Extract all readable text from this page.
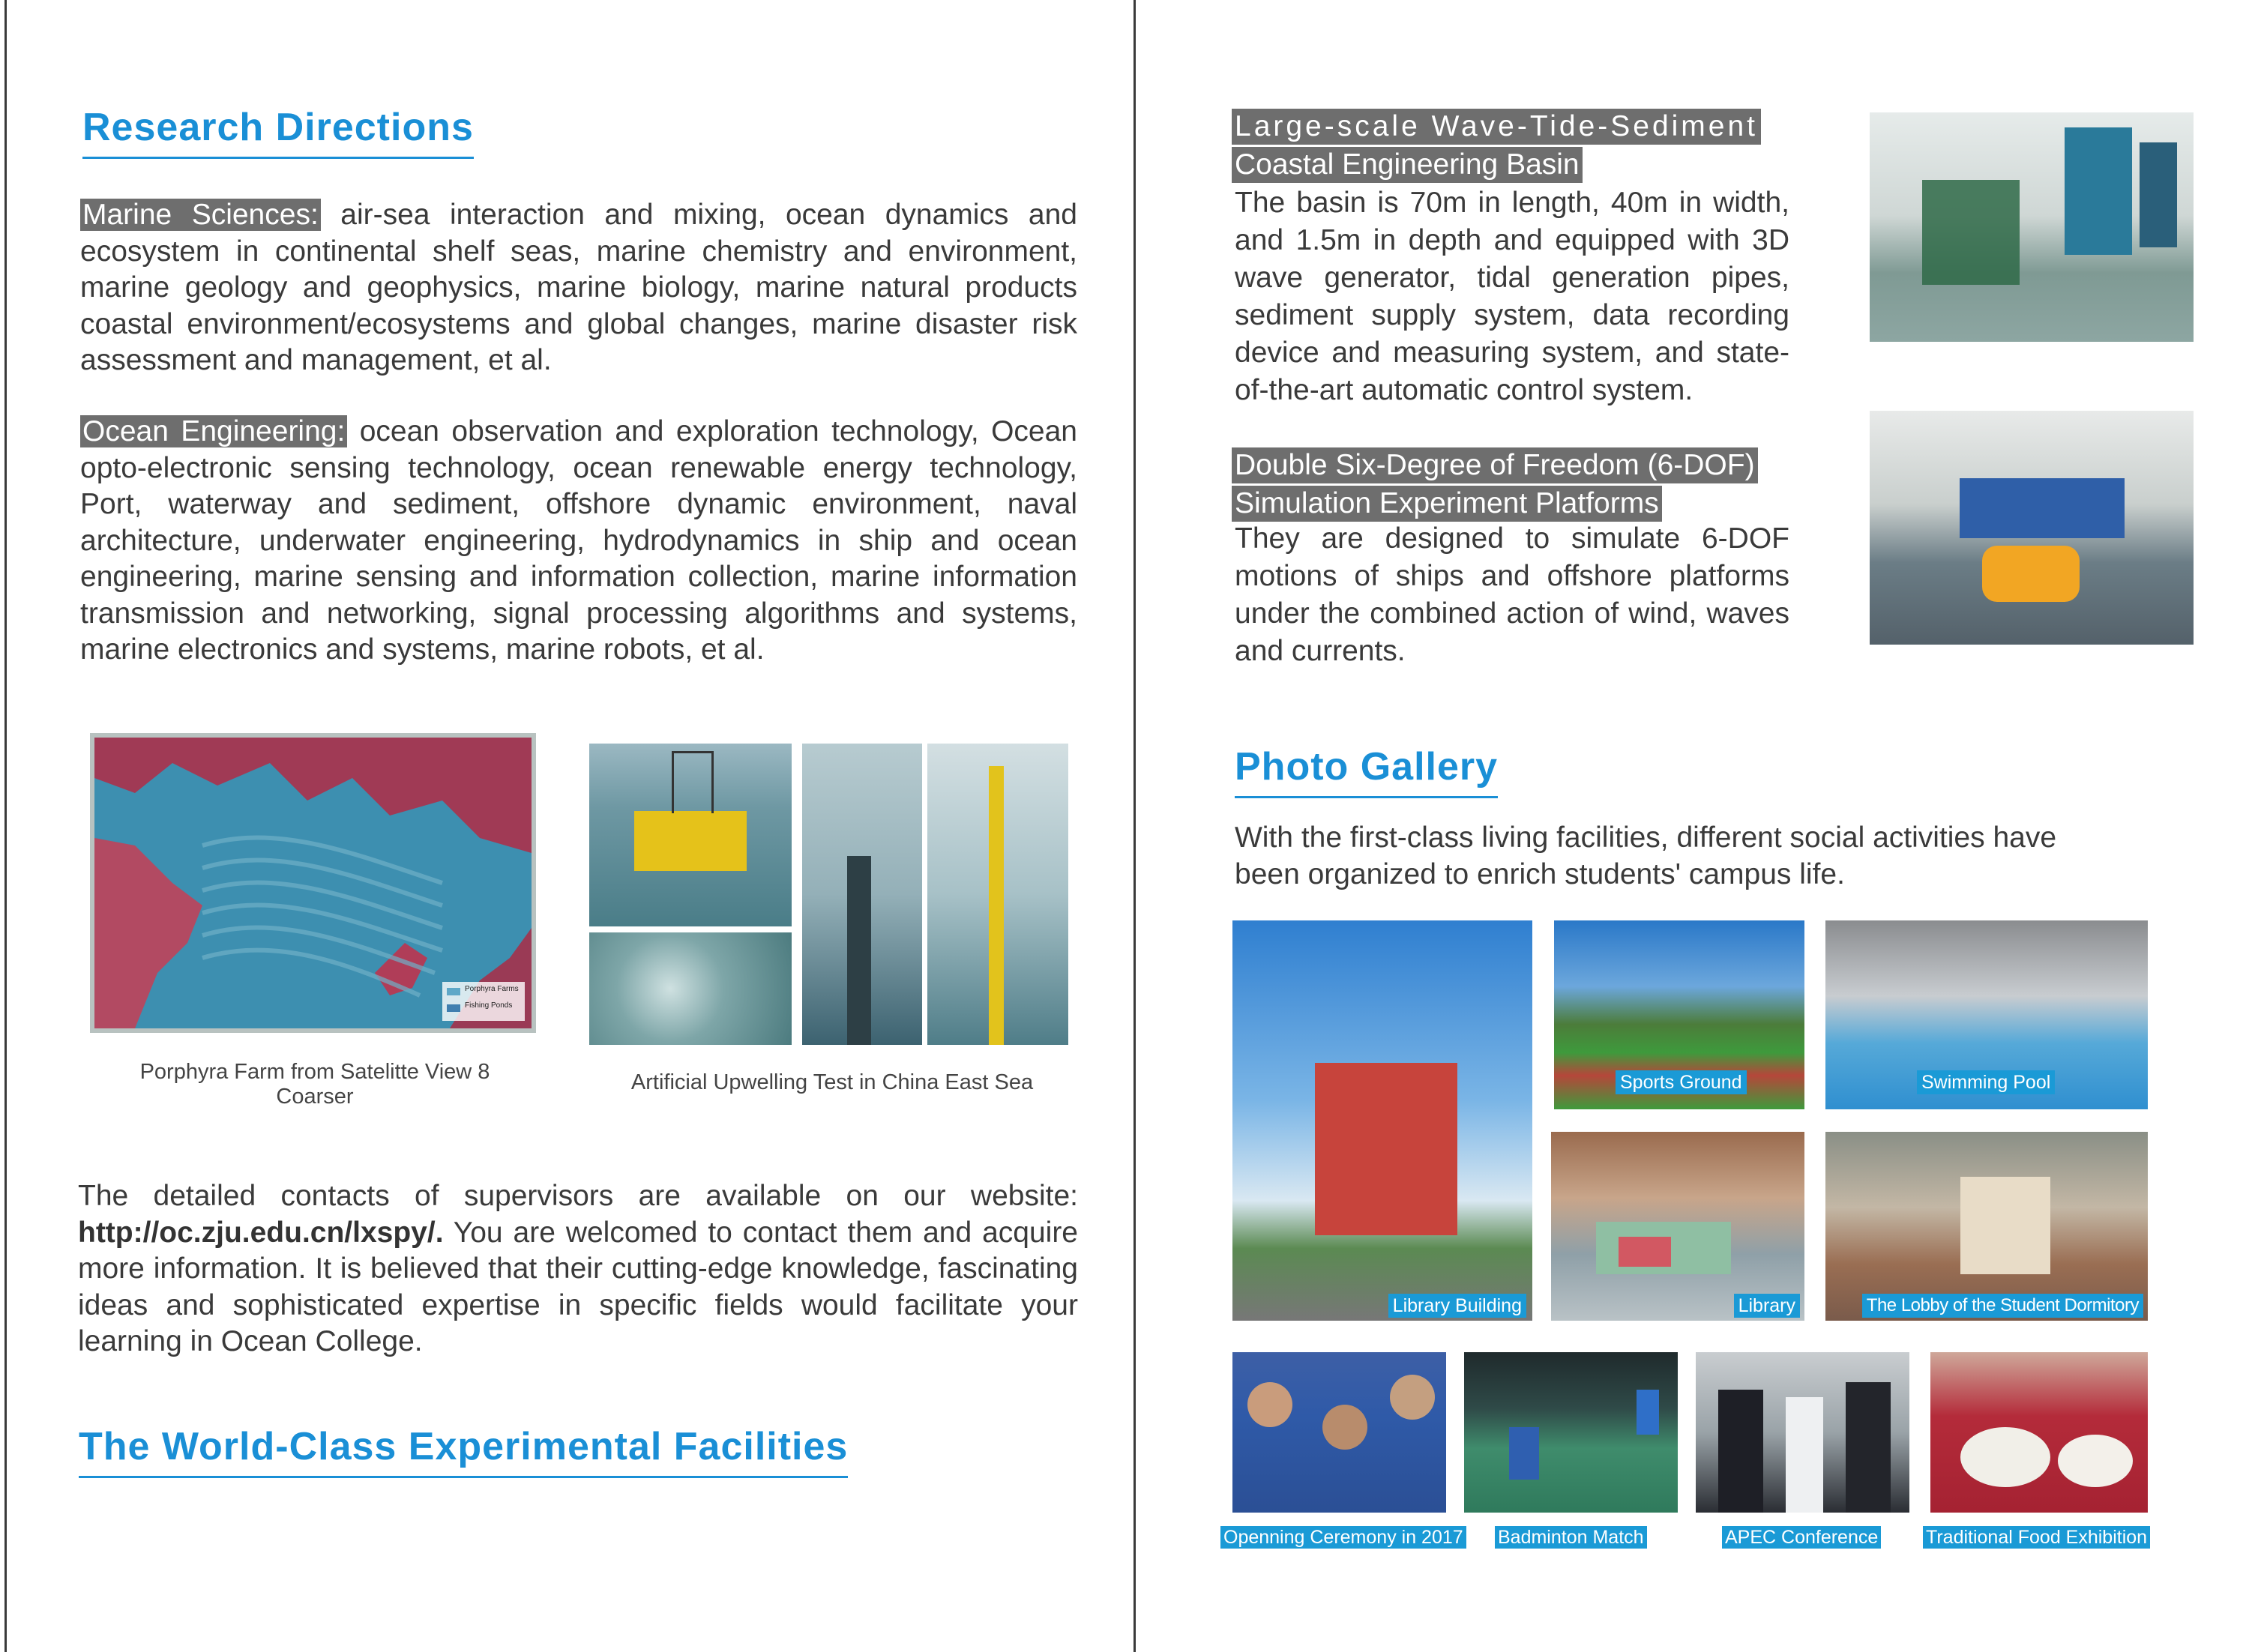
Research Directions
Marine Sciences: air-sea interaction and mixing, ocean dynamics and ecosystem in continental shelf seas, marine chemistry and environment, marine geology and geophysics, marine biology, marine natural products coastal environment/ecosystems and global changes, marine disaster risk assessment and management, et al.
Ocean Engineering: ocean observation and exploration technology, Ocean opto-electronic sensing technology, ocean renewable energy technology, Port, waterway and sediment, offshore dynamic environment, naval architecture, underwater engineering, hydrodynamics in ship and ocean engineering, marine sensing and information collection, marine information transmission and networking, signal processing algorithms and systems, marine electronics and systems, marine robots, et al.
Porphyra Farms
Fishing Ponds
Porphyra Farm from Satelitte View 8 Coarser
Artificial Upwelling Test in China East Sea
The detailed contacts of supervisors are available on our website: http://oc.zju.edu.cn/lxspy/. You are welcomed to contact them and acquire more information. It is believed that their cutting-edge knowledge, fascinating ideas and sophisticated expertise in specific fields would facilitate your learning in Ocean College.
The World-Class Experimental Facilities
Large-scale Wave-Tide-Sediment
Coastal Engineering Basin
The basin is 70m in length, 40m in width, and 1.5m in depth and equipped with 3D wave generator, tidal generation pipes, sediment supply system, data recording device and measuring system, and state-of-the-art automatic control system.
Double Six-Degree of Freedom (6-DOF)
Simulation Experiment Platforms
They are designed to simulate 6-DOF motions of ships and offshore platforms under the combined action of wind, waves and currents.
Photo Gallery
With the first-class living facilities, different social activities have been organized to enrich students' campus life.
Library Building
Sports Ground	Swimming Pool
Library	The Lobby of the Student Dormitory
Openning Ceremony in 2017 Badminton Match	APEC Conference	Traditional Food Exhibition
